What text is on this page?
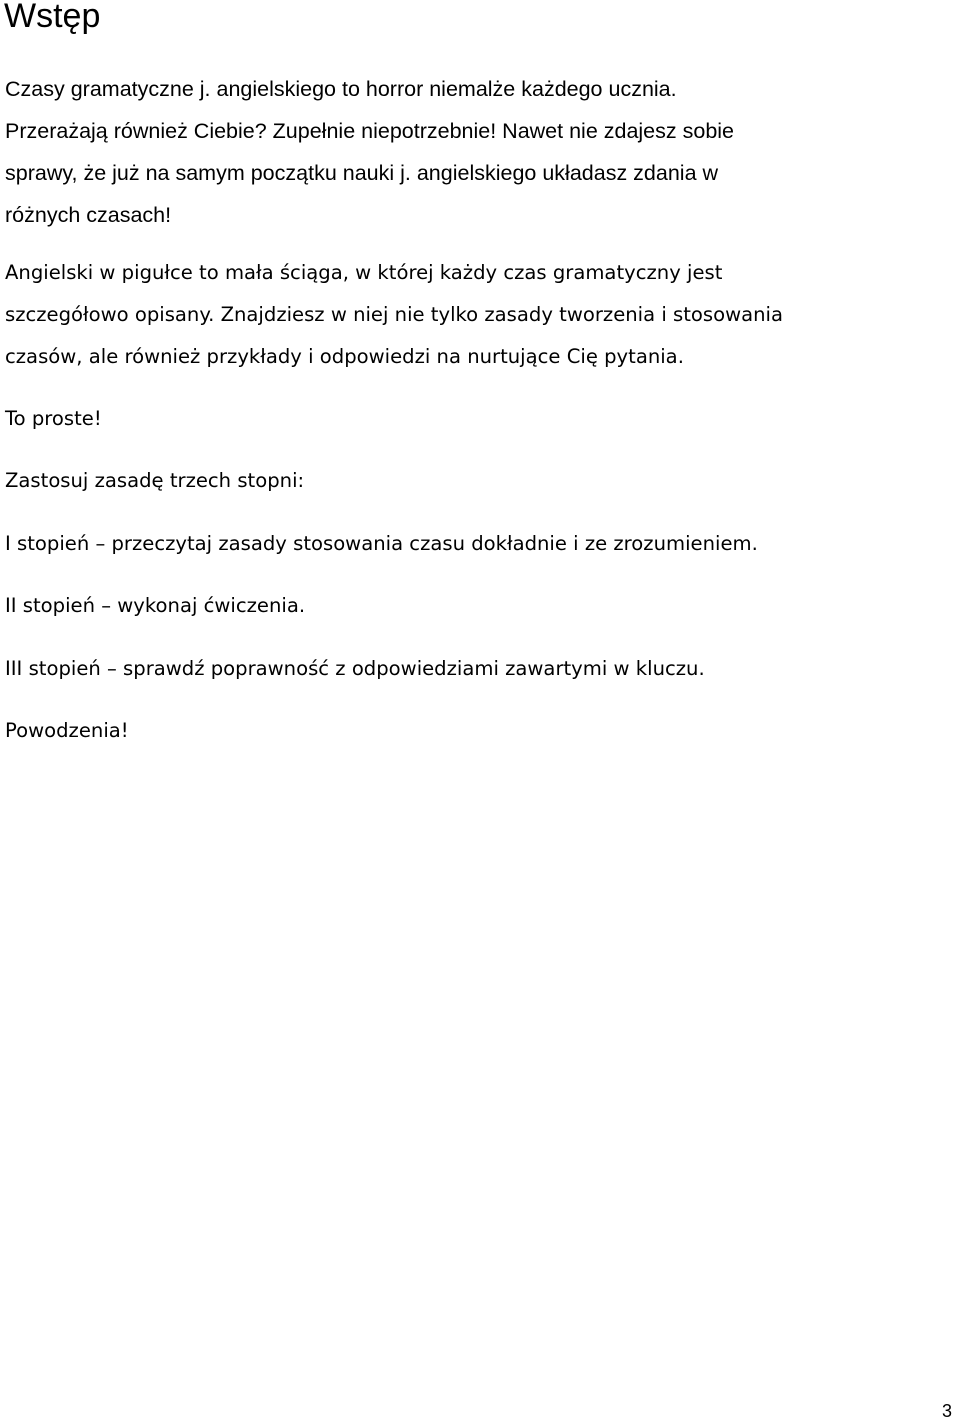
Wstęp
Czasy gramatyczne j. angielskiego to horror niemalże każdego ucznia.
Przerażają również Ciebie? Zupełnie niepotrzebnie! Nawet nie zdajesz sobie
sprawy, że już na samym początku nauki j. angielskiego układasz zdania w
różnych czasach!
Angielski w pigułce to mała ściąga, w której każdy czas gramatyczny jest
szczegółowo opisany. Znajdziesz w niej nie tylko zasady tworzenia i stosowania
czasów, ale również przykłady i odpowiedzi na nurtujące Cię pytania.

To proste!

Zastosuj zasadę trzech stopni:

I stopień – przeczytaj zasady stosowania czasu dokładnie i ze zrozumieniem.

II stopień – wykonaj ćwiczenia.

III stopień – sprawdź poprawność z odpowiedziami zawartymi w kluczu.

Powodzenia!

3
